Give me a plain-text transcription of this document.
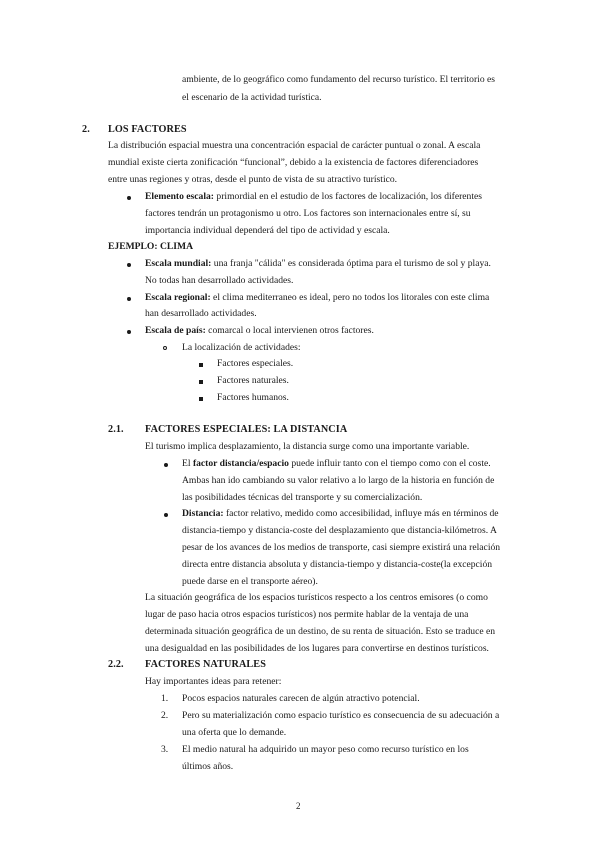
ambiente, de lo geográfico como fundamento del recurso turístico. El territorio es
el escenario de la actividad turística.
2. LOS FACTORES
La distribución espacial muestra una concentración espacial de carácter puntual o zonal. A escala
mundial existe cierta zonificación “funcional”, debido a la existencia de factores diferenciadores
entre unas regiones y otras, desde el punto de vista de su atractivo turístico.
Elemento escala: primordial en el estudio de los factores de localización, los diferentes
factores tendrán un protagonismo u otro. Los factores son internacionales entre sí, su
importancia individual dependerá del tipo de actividad y escala.
EJEMPLO: CLIMA
Escala mundial: una franja "cálida" es considerada óptima para el turismo de sol y playa.
No todas han desarrollado actividades.
Escala regional: el clima mediterraneo es ideal, pero no todos los litorales con este clima
han desarrollado actividades.
Escala de país: comarcal o local intervienen otros factores.
La localización de actividades:
Factores especiales.
Factores naturales.
Factores humanos.
2.1. FACTORES ESPECIALES: LA DISTANCIA
El turismo implica desplazamiento, la distancia surge como una importante variable.
El factor distancia/espacio puede influir tanto con el tiempo como con el coste.
Ambas han ido cambiando su valor relativo a lo largo de la historia en función de
las posibilidades técnicas del transporte y su comercialización.
Distancia: factor relativo, medido como accesibilidad, influye más en términos de
distancia-tiempo y distancia-coste del desplazamiento que distancia-kilómetros. A
pesar de los avances de los medios de transporte, casi siempre existirá una relación
directa entre distancia absoluta y distancia-tiempo y distancia-coste(la excepción
puede darse en el transporte aéreo).
La situación geográfica de los espacios turísticos respecto a los centros emisores (o como
lugar de paso hacia otros espacios turísticos) nos permite hablar de la ventaja de una
determinada situación geográfica de un destino, de su renta de situación. Esto se traduce en
una desigualdad en las posibilidades de los lugares para convertirse en destinos turísticos.
2.2. FACTORES NATURALES
Hay importantes ideas para retener:
1. Pocos espacios naturales carecen de algún atractivo potencial.
2. Pero su materialización como espacio turístico es consecuencia de su adecuación a
una oferta que lo demande.
3. El medio natural ha adquirido un mayor peso como recurso turístico en los
últimos años.
2
